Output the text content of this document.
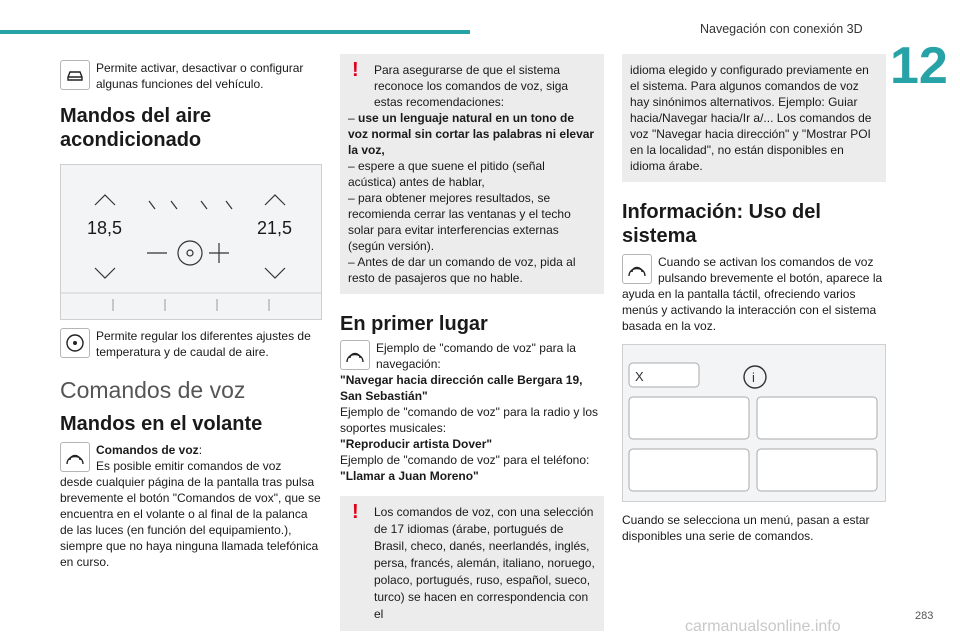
Navegación con conexión 3D
12
Permite activar, desactivar o configurar algunas funciones del vehículo.
Mandos del aire acondicionado
18,5	21,5
Permite regular los diferentes ajustes de temperatura y de caudal de aire.
Comandos de voz
Mandos en el volante
Comandos de voz:
Es posible emitir comandos de voz
desde cualquier página de la pantalla tras pulsa brevemente el botón "Comandos de vox", que se encuentra en el volante o al final de la palanca de las luces (en función del equipamiento.), siempre que no haya ninguna llamada telefónica en curso.
!	Para asegurarse de que el sistema reconoce los comandos de voz, siga estas recomendaciones:
– use un lenguaje natural en un tono de voz normal sin cortar las palabras ni elevar la voz,
– espere a que suene el pitido (señal acústica) antes de hablar,
– para obtener mejores resultados, se recomienda cerrar las ventanas y el techo solar para evitar interferencias externas (según versión).
– Antes de dar un comando de voz, pida al resto de pasajeros que no hable.
En primer lugar
Ejemplo de "comando de voz" para la navegación:
"Navegar hacia dirección calle Bergara 19, San Sebastián"
Ejemplo de "comando de voz" para la radio y los soportes musicales:
"Reproducir artista Dover"
Ejemplo de "comando de voz" para el teléfono:
"Llamar a Juan Moreno"
!	Los comandos de voz, con una selección de 17 idiomas (árabe, portugués de Brasil, checo, danés, neerlandés, inglés, persa, francés, alemán, italiano, noruego, polaco, portugués, ruso, español, sueco, turco) se hacen en correspondencia con el
idioma elegido y configurado previamente en el sistema. Para algunos comandos de voz hay sinónimos alternativos. Ejemplo: Guiar hacia/Navegar hacia/Ir a/... Los comandos de voz "Navegar hacia dirección" y "Mostrar POI en la localidad", no están disponibles en idioma árabe.
Información: Uso del sistema
Cuando se activan los comandos de voz pulsando brevemente el botón, aparece la ayuda en la pantalla táctil, ofreciendo varios menús y activando la interacción con el sistema basada en la voz.
i
X
Cuando se selecciona un menú, pasan a estar disponibles una serie de comandos.
283
carmanualsonline.info
